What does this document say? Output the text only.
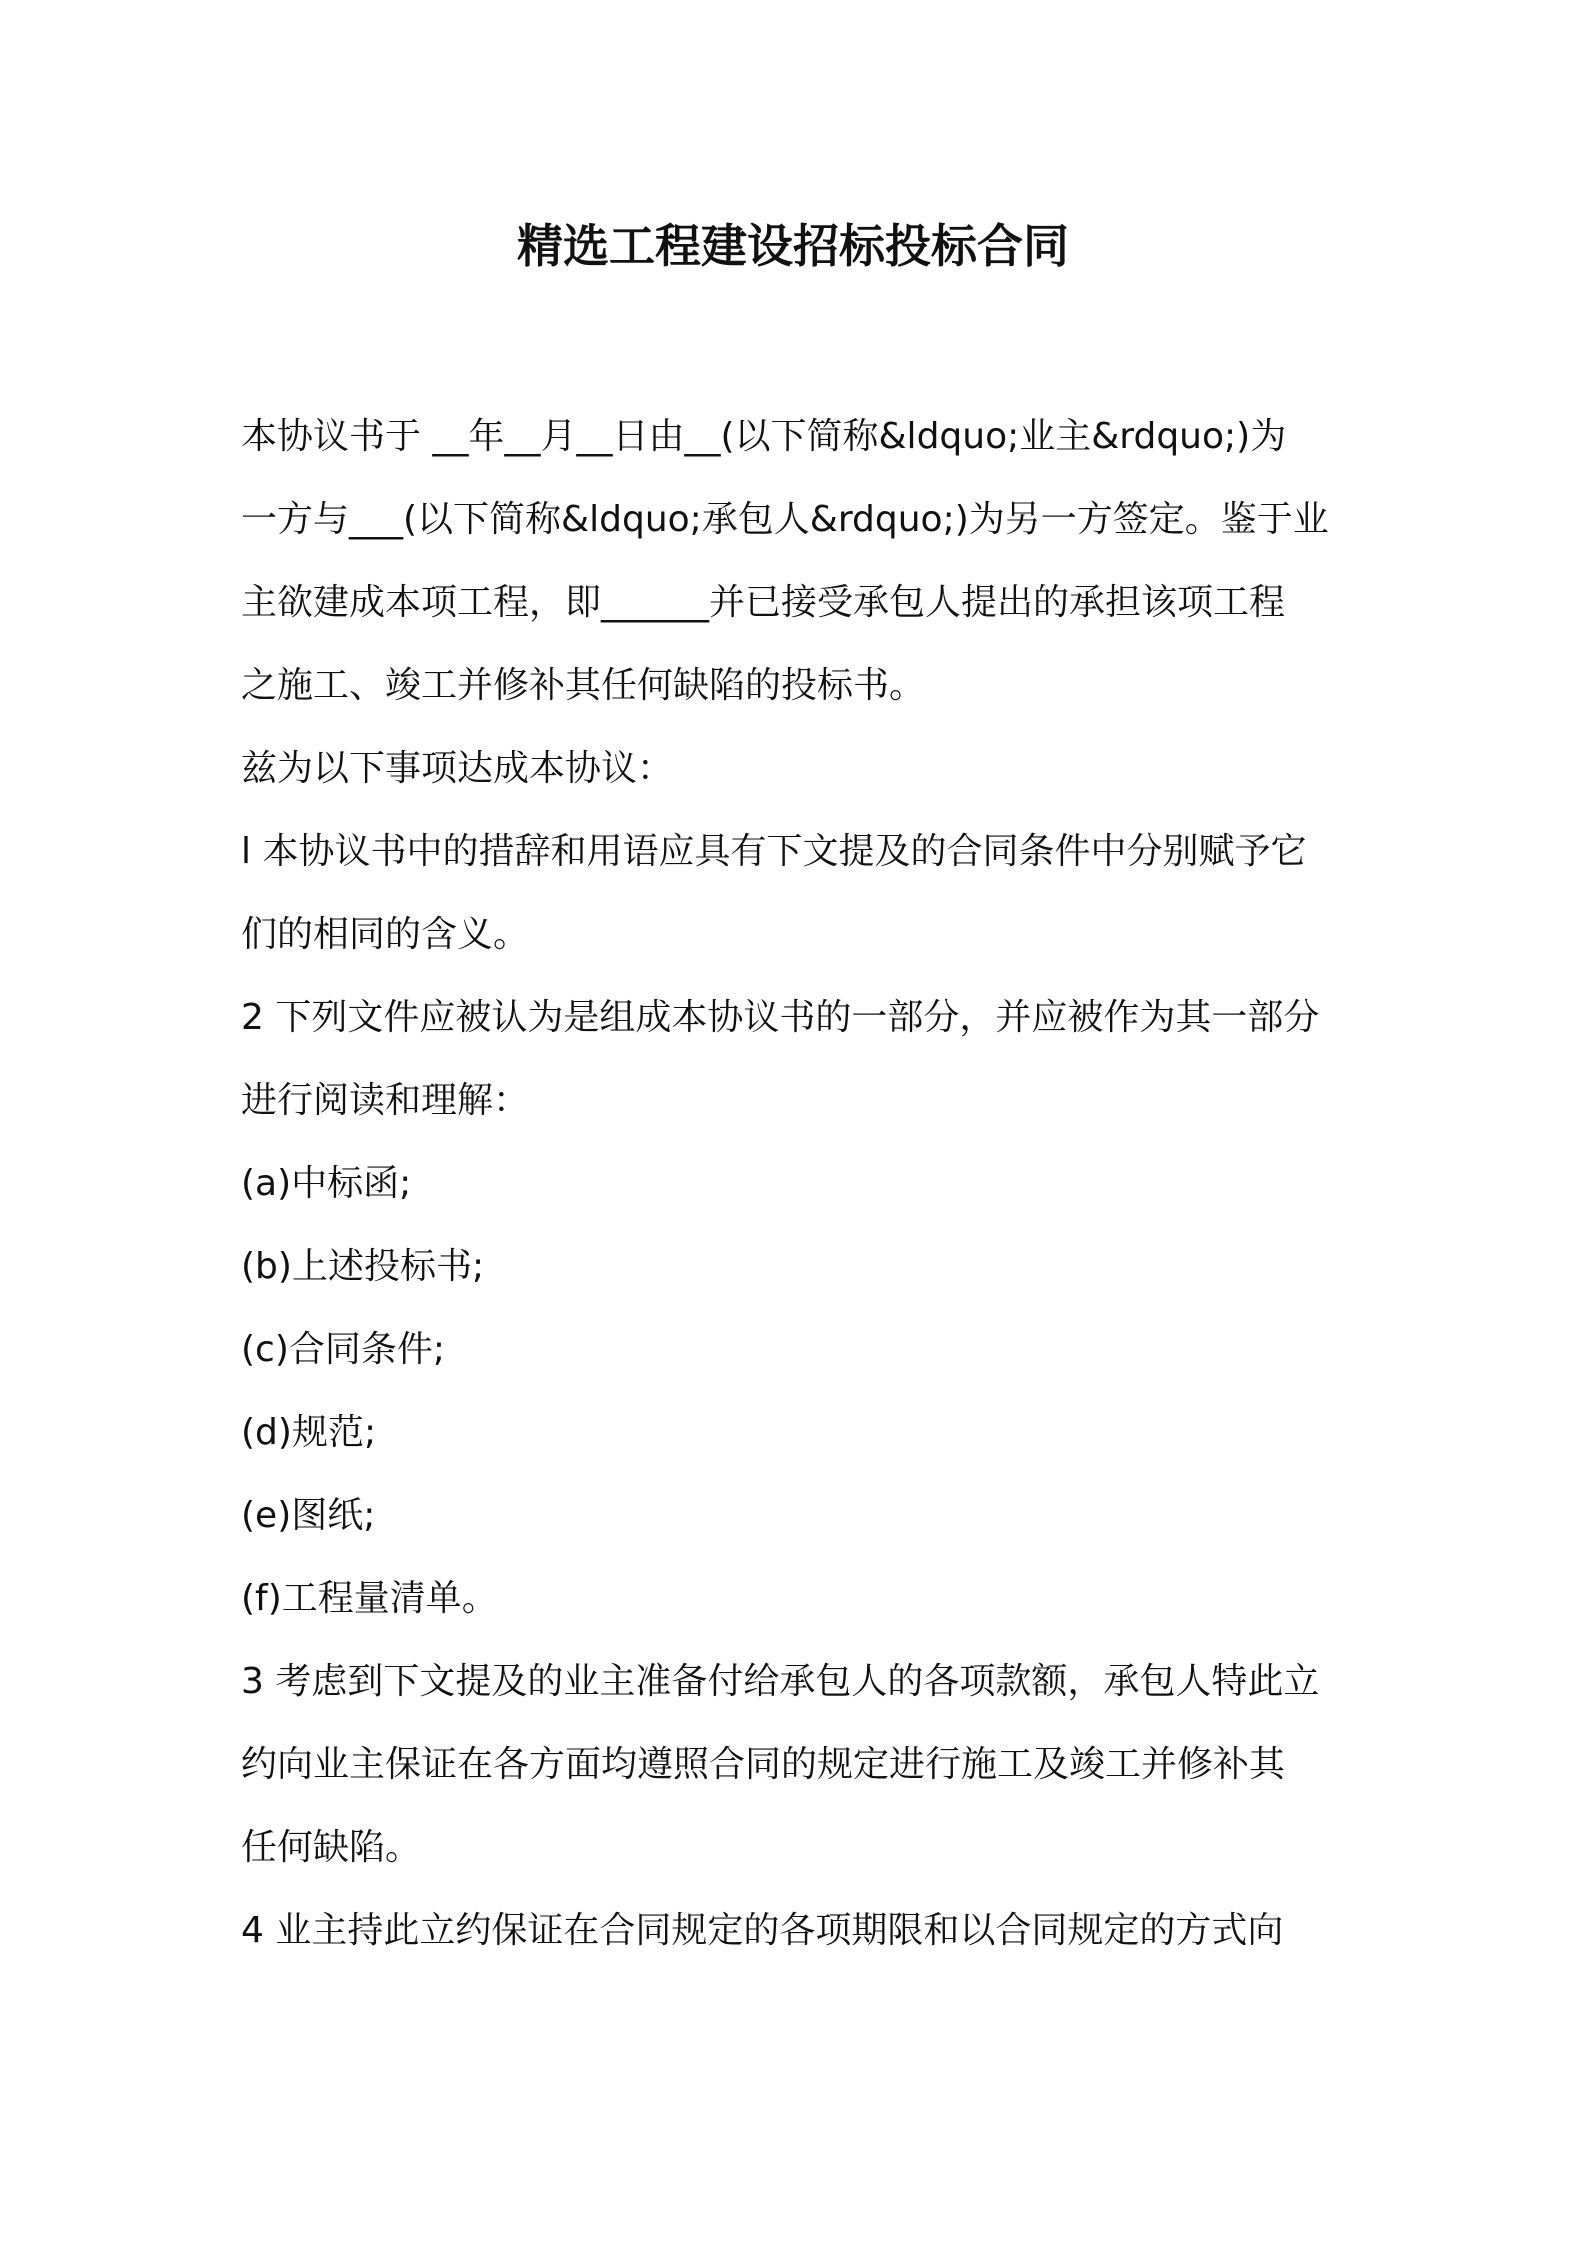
精选工程建设招标投标合同
本协议书于 __年__月__日由__(以下简称&ldquo;业主&rdquo;)为
一方与___(以下简称&ldquo;承包人&rdquo;)为另一方签定。鉴于业
主欲建成本项工程，即______并已接受承包人提出的承担该项工程
之施工、竣工并修补其任何缺陷的投标书。
兹为以下事项达成本协议：
l 本协议书中的措辞和用语应具有下文提及的合同条件中分别赋予它
们的相同的含义。
2 下列文件应被认为是组成本协议书的一部分，并应被作为其一部分
进行阅读和理解：
(a)中标函;
(b)上述投标书;
(c)合同条件;
(d)规范;
(e)图纸;
(f)工程量清单。
3 考虑到下文提及的业主准备付给承包人的各项款额，承包人特此立
约向业主保证在各方面均遵照合同的规定进行施工及竣工并修补其
任何缺陷。
4 业主持此立约保证在合同规定的各项期限和以合同规定的方式向
